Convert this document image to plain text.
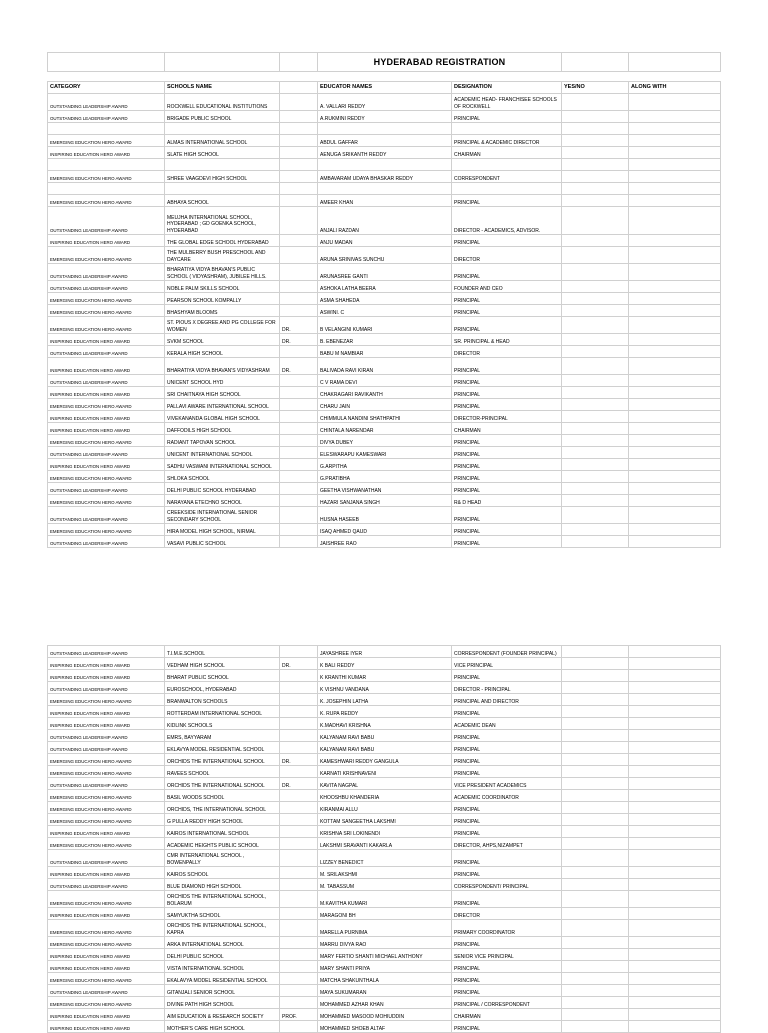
			HYDERABAD REGISTRATION			

CATEGORY	SCHOOLS NAME		EDUCATOR NAMES	DESIGNATION	YES/NO	ALONG WITH
OUTSTANDING LEADERSHIP AWARD	ROCKWELL EDUCATIONAL INSTITUTIONS		A. VALLARI REDDY	ACADEMIC HEAD- FRANCHISEE SCHOOLS OF ROCKWELL		
OUTSTANDING LEADERSHIP AWARD	BRIGADE PUBLIC SCHOOL		A.RUKMINI REDDY	PRINCIPAL		

EMERGING EDUCATION HERO AWARD	ALMAS INTERNATIONAL SCHOOL		ABDUL GAFFAR	PRINCIPAL & ACADEMIC DIRECTOR		
INSPIRING EDUCATION HERO AWARD	SLATE HIGH SCHOOL		AENUGA SRIKANTH REDDY	CHAIRMAN		

EMERGING EDUCATION HERO AWARD	SHREE VAAGDEVI HIGH SCHOOL		AMBAVARAM UDAYA BHASKAR REDDY	CORRESPONDENT		

EMERGING EDUCATION HERO AWARD	ABHAYA SCHOOL		AMEER KHAN	PRINCIPAL		
OUTSTANDING LEADERSHIP AWARD	MEUJHA INTERNATIONAL SCHOOL, HYDERABAD ; GD GOENKA SCHOOL, HYDERABAD		ANJALI RAZDAN	DIRECTOR - ACADEMICS, ADVISOR.		
INSPIRING EDUCATION HERO AWARD	THE GLOBAL EDGE SCHOOL HYDERABAD		ANJU MADAN	PRINCIPAL		
EMERGING EDUCATION HERO AWARD	THE MULBERRY BUSH PRESCHOOL AND DAYCARE		ARUNA SRINIVAS SUNCHU	DIRECTOR		
OUTSTANDING LEADERSHIP AWARD	BHARATIYA VIDYA BHAVAN'S PUBLIC SCHOOL ( VIDYASHRAM), JUBILEE HILLS.		ARUNASREE GANTI	PRINCIPAL		
OUTSTANDING LEADERSHIP AWARD	NOBLE PALM SKILLS SCHOOL		ASHOKA LATHA BEERA	FOUNDER AND CEO		
EMERGING EDUCATION HERO AWARD	PEARSON SCHOOL KOMPALLY		ASMA SHAHEDA	PRINCIPAL		
EMERGING EDUCATION HERO AWARD	BHASHYAM BLOOMS		ASWINI. C	PRINCIPAL		
EMERGING EDUCATION HERO AWARD	ST. PIOUS X DEGREE AND PG COLLEGE FOR WOMEN	DR.	B VELANGINI KUMARI	PRINCIPAL		
INSPIRING EDUCATION HERO AWARD	SVKM SCHOOL	DR.	B. EBENEZAR	SR. PRINCIPAL & HEAD		
OUTSTANDING LEADERSHIP AWARD	KERALA HIGH SCHOOL		BABU M NAMBIAR	DIRECTOR		
INSPIRING EDUCATION HERO AWARD	BHARATIYA VIDYA BHAVAN'S VIDYASHRAM	DR.	BALIVADA RAVI KIRAN	PRINCIPAL		
OUTSTANDING LEADERSHIP AWARD	UNICENT SCHOOL HYD		C V RAMA DEVI	PRINCIPAL		
INSPIRING EDUCATION HERO AWARD	SRI CHAITNAYA HIGH SCHOOL		CHAKRAGARI RAVIKANTH	PRINCIPAL		
EMERGING EDUCATION HERO AWARD	PALLAVI AWARE INTERNATIONAL SCHOOL		CHARU JAIN	PRINCIPAL		
INSPIRING EDUCATION HERO AWARD	VIVEKANANDA GLOBAL HIGH SCHOOL		CHIMMULA NANDINI SHATHPATHI	DIRECTOR-PRINCIPAL		
INSPIRING EDUCATION HERO AWARD	DAFFODILS HIGH SCHOOL		CHINTALA NARENDAR	CHAIRMAN		
EMERGING EDUCATION HERO AWARD	RADIANT TAPOVAN SCHOOL		DIVYA DUBEY	PRINCIPAL		
OUTSTANDING LEADERSHIP AWARD	UNICENT INTERNATIONAL SCHOOL		ELESWARAPU KAMESWARI	PRINCIPAL		
INSPIRING EDUCATION HERO AWARD	SADHU VASWANI INTERNATIONAL SCHOOL		G.ARPITHA	PRINCIPAL		
EMERGING EDUCATION HERO AWARD	SHLOKA SCHOOL		G.PRATIBHA	PRINCIPAL		
OUTSTANDING LEADERSHIP AWARD	DELHI PUBLIC SCHOOL HYDERABAD		GEETHA VISHWANATHAN	PRINCIPAL		
EMERGING EDUCATION HERO AWARD	NARAYANA ETECHNO SCHOOL		HAZARI SANJANA SINGH	R& D HEAD		
OUTSTANDING LEADERSHIP AWARD	CREEKSIDE INTERNATIONAL SENIOR SECONDARY SCHOOL		HUSNA HASEEB	PRINCIPAL		
EMERGING EDUCATION HERO AWARD	HIRA MODEL HIGH SCHOOL, NIRMAL		ISAQ AHMED QAUD	PRINCIPAL		
OUTSTANDING LEADERSHIP AWARD	VASAVI PUBLIC SCHOOL		JAISHREE RAO	PRINCIPAL		
OUTSTANDING LEADERSHIP AWARD	T.I.M.E.SCHOOL		JAYASHREE IYER	CORRESPONDENT (FOUNDER PRINCIPAL)		
INSPIRING EDUCATION HERO AWARD	VEDHAM HIGH SCHOOL	DR.	K BALI REDDY	VICE PRINCIPAL		
INSPIRING EDUCATION HERO AWARD	BHARAT PUBLIC SCHOOL		K KRANTHI KUMAR	PRINCIPAL		
OUTSTANDING LEADERSHIP AWARD	EUROSCHOOL, HYDERABAD		K VISHNU VANDANA	DIRECTOR - PRINCIPAL		
EMERGING EDUCATION HERO AWARD	BRANWALTON SCHOOLS		K. JOSEPHIN LATHA	PRINCIPAL AND DIRECTOR		
INSPIRING EDUCATION HERO AWARD	ROTTERDAM INTERNATIONAL SCHOOL		K. RUPA REDDY	PRINCIPAL		
INSPIRING EDUCATION HERO AWARD	KIDLINK SCHOOLS		K.MADHAVI KRISHNA	ACADEMIC DEAN		
OUTSTANDING LEADERSHIP AWARD	EMRS, BAYYARAM		KALYANAM RAVI BABU	PRINCIPAL		
OUTSTANDING LEADERSHIP AWARD	EKLAVYA MODEL RESIDENTIAL SCHOOL		KALYANAM RAVI BABU	PRINCIPAL		
EMERGING EDUCATION HERO AWARD	ORCHIDS THE INTERNATIONAL SCHOOL	DR.	KAMESHWARI REDDY GANGULA	PRINCIPAL		
EMERGING EDUCATION HERO AWARD	RAVEES SCHOOL		KARNATI KRISHNAVENI	PRINCIPAL		
OUTSTANDING LEADERSHIP AWARD	ORCHIDS THE INTERNATIONAL SCHOOL	DR.	KAVITA NAGPAL	VICE PRESIDENT ACADEMICS		
EMERGING EDUCATION HERO AWARD	BASIL WOODS SCHOOL		KHOOSHBU KHANDERIA	ACADEMIC COORDINATOR		
EMERGING EDUCATION HERO AWARD	ORCHIDS, THE INTERNATIONAL SCHOOL		KIRANMAI ALLU	PRINCIPAL		
EMERGING EDUCATION HERO AWARD	G PULLA REDDY HIGH SCHOOL		KOTTAM SANGEETHA LAKSHMI	PRINCIPAL		
INSPIRING EDUCATION HERO AWARD	KAIROS INTERNATIONAL SCHOOL		KRISHNA SRI LOKINENDI	PRINCIPAL		
EMERGING EDUCATION HERO AWARD	ACADEMIC HEIGHTS PUBLIC SCHOOL		LAKSHMI SRAVANTI KAKARLA	DIRECTOR, AHPS,NIZAMPET		
OUTSTANDING LEADERSHIP AWARD	CMR INTERNATIONAL SCHOOL , BOWENPALLY		LIZZEY BENEDICT	PRINCIPAL		
INSPIRING EDUCATION HERO AWARD	KAIROS SCHOOL		M. SRILAKSHMI	PRINCIPAL		
OUTSTANDING LEADERSHIP AWARD	BLUE DIAMOND HIGH SCHOOL		M. TABASSUM	CORRESPONDENT/ PRINCIPAL		
EMERGING EDUCATION HERO AWARD	ORCHIDS THE INTERNATIONAL SCHOOL, BOLARUM		M.KAVITHA KUMARI	PRINCIPAL		
INSPIRING EDUCATION HERO AWARD	SAMYUKTHA SCHOOL		MARAGONI BH	DIRECTOR		
EMERGING EDUCATION HERO AWARD	ORCHIDS THE INTERNATIONAL SCHOOL, KAPRA		MARELLA PURNIMA	PRIMARY COORDINATOR		
EMERGING EDUCATION HERO AWARD	ARKA INTERNATIONAL SCHOOL		MARRU DIVYA RAO	PRINCIPAL		
INSPIRING EDUCATION HERO AWARD	DELHI PUBLIC SCHOOL		MARY FERTIO SHANTI MICHAEL ANTHONY	SENIOR VICE PRINCIPAL		
INSPIRING EDUCATION HERO AWARD	VISTA INTERNATIONAL SCHOOL		MARY SHANTI PRIYA	PRINCIPAL		
EMERGING EDUCATION HERO AWARD	EKALAVYA MODEL RESIDENTIAL SCHOOL		MATCHA SHAKUNTHALA	PRINCIPAL		
OUTSTANDING LEADERSHIP AWARD	GITANJALI SENIOR SCHOOL		MAYA SUKUMARAN	PRINCIPAL		
EMERGING EDUCATION HERO AWARD	DIVINE PATH HIGH SCHOOL		MOHAMMED AZHAR KHAN	PRINCIPAL / CORRESPONDENT		
INSPIRING EDUCATION HERO AWARD	AIM EDUCATION & RESEARCH SOCIETY	PROF.	MOHAMMED MASOOD MOHIUDDIN	CHAIRMAN		
INSPIRING EDUCATION HERO AWARD	MOTHER'S CARE HIGH SCHOOL		MOHAMMED SHOEB ALTAF	PRINCIPAL		
